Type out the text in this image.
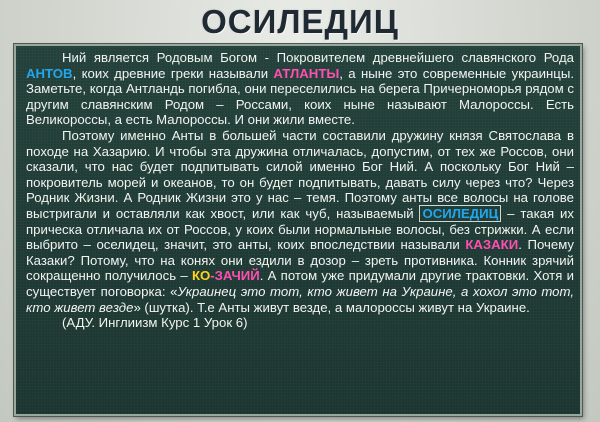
ОСИЛЕДИЦ

Ний является Родовым Богом - Покровителем древнейшего славянского Рода АНТОВ, коих древние греки называли АТЛАНТЫ, а ныне это современные украинцы. Заметьте, когда Антландь погибла, они переселились на берега Причерноморья рядом с другим славянским Родом – Россами, коих ныне называют Малороссы. Есть Великороссы, а есть Малороссы. И они жили вместе.

Поэтому именно Анты в большей части составили дружину князя Святослава в походе на Хазарию. И чтобы эта дружина отличалась, допустим, от тех же Россов, они сказали, что нас будет подпитывать силой именно Бог Ний. А поскольку Бог Ний – покровитель морей и океанов, то он будет подпитывать, давать силу через что? Через Родник Жизни. А Родник Жизни это у нас – темя. Поэтому анты все волосы на голове выстригали и оставляли как хвост, или как чуб, называемый ОСИЛЕДИЦ – такая их прическа отличала их от Россов, у коих были нормальные волосы, без стрижки. А если выбрито – оселидец, значит, это анты, коих впоследствии называли КАЗАКИ. Почему Казаки? Потому, что на конях они ездили в дозор – зреть противника. Конник зрячий сокращенно получилось – КО-ЗАЧИЙ. А потом уже придумали другие трактовки. Хотя и существует поговорка: «Украинец это тот, кто живет на Украине, а хохол это тот, кто живет везде» (шутка). Т.е Анты живут везде, а малороссы живут на Украине.

(АДУ. Инглиизм Курс 1 Урок 6)
